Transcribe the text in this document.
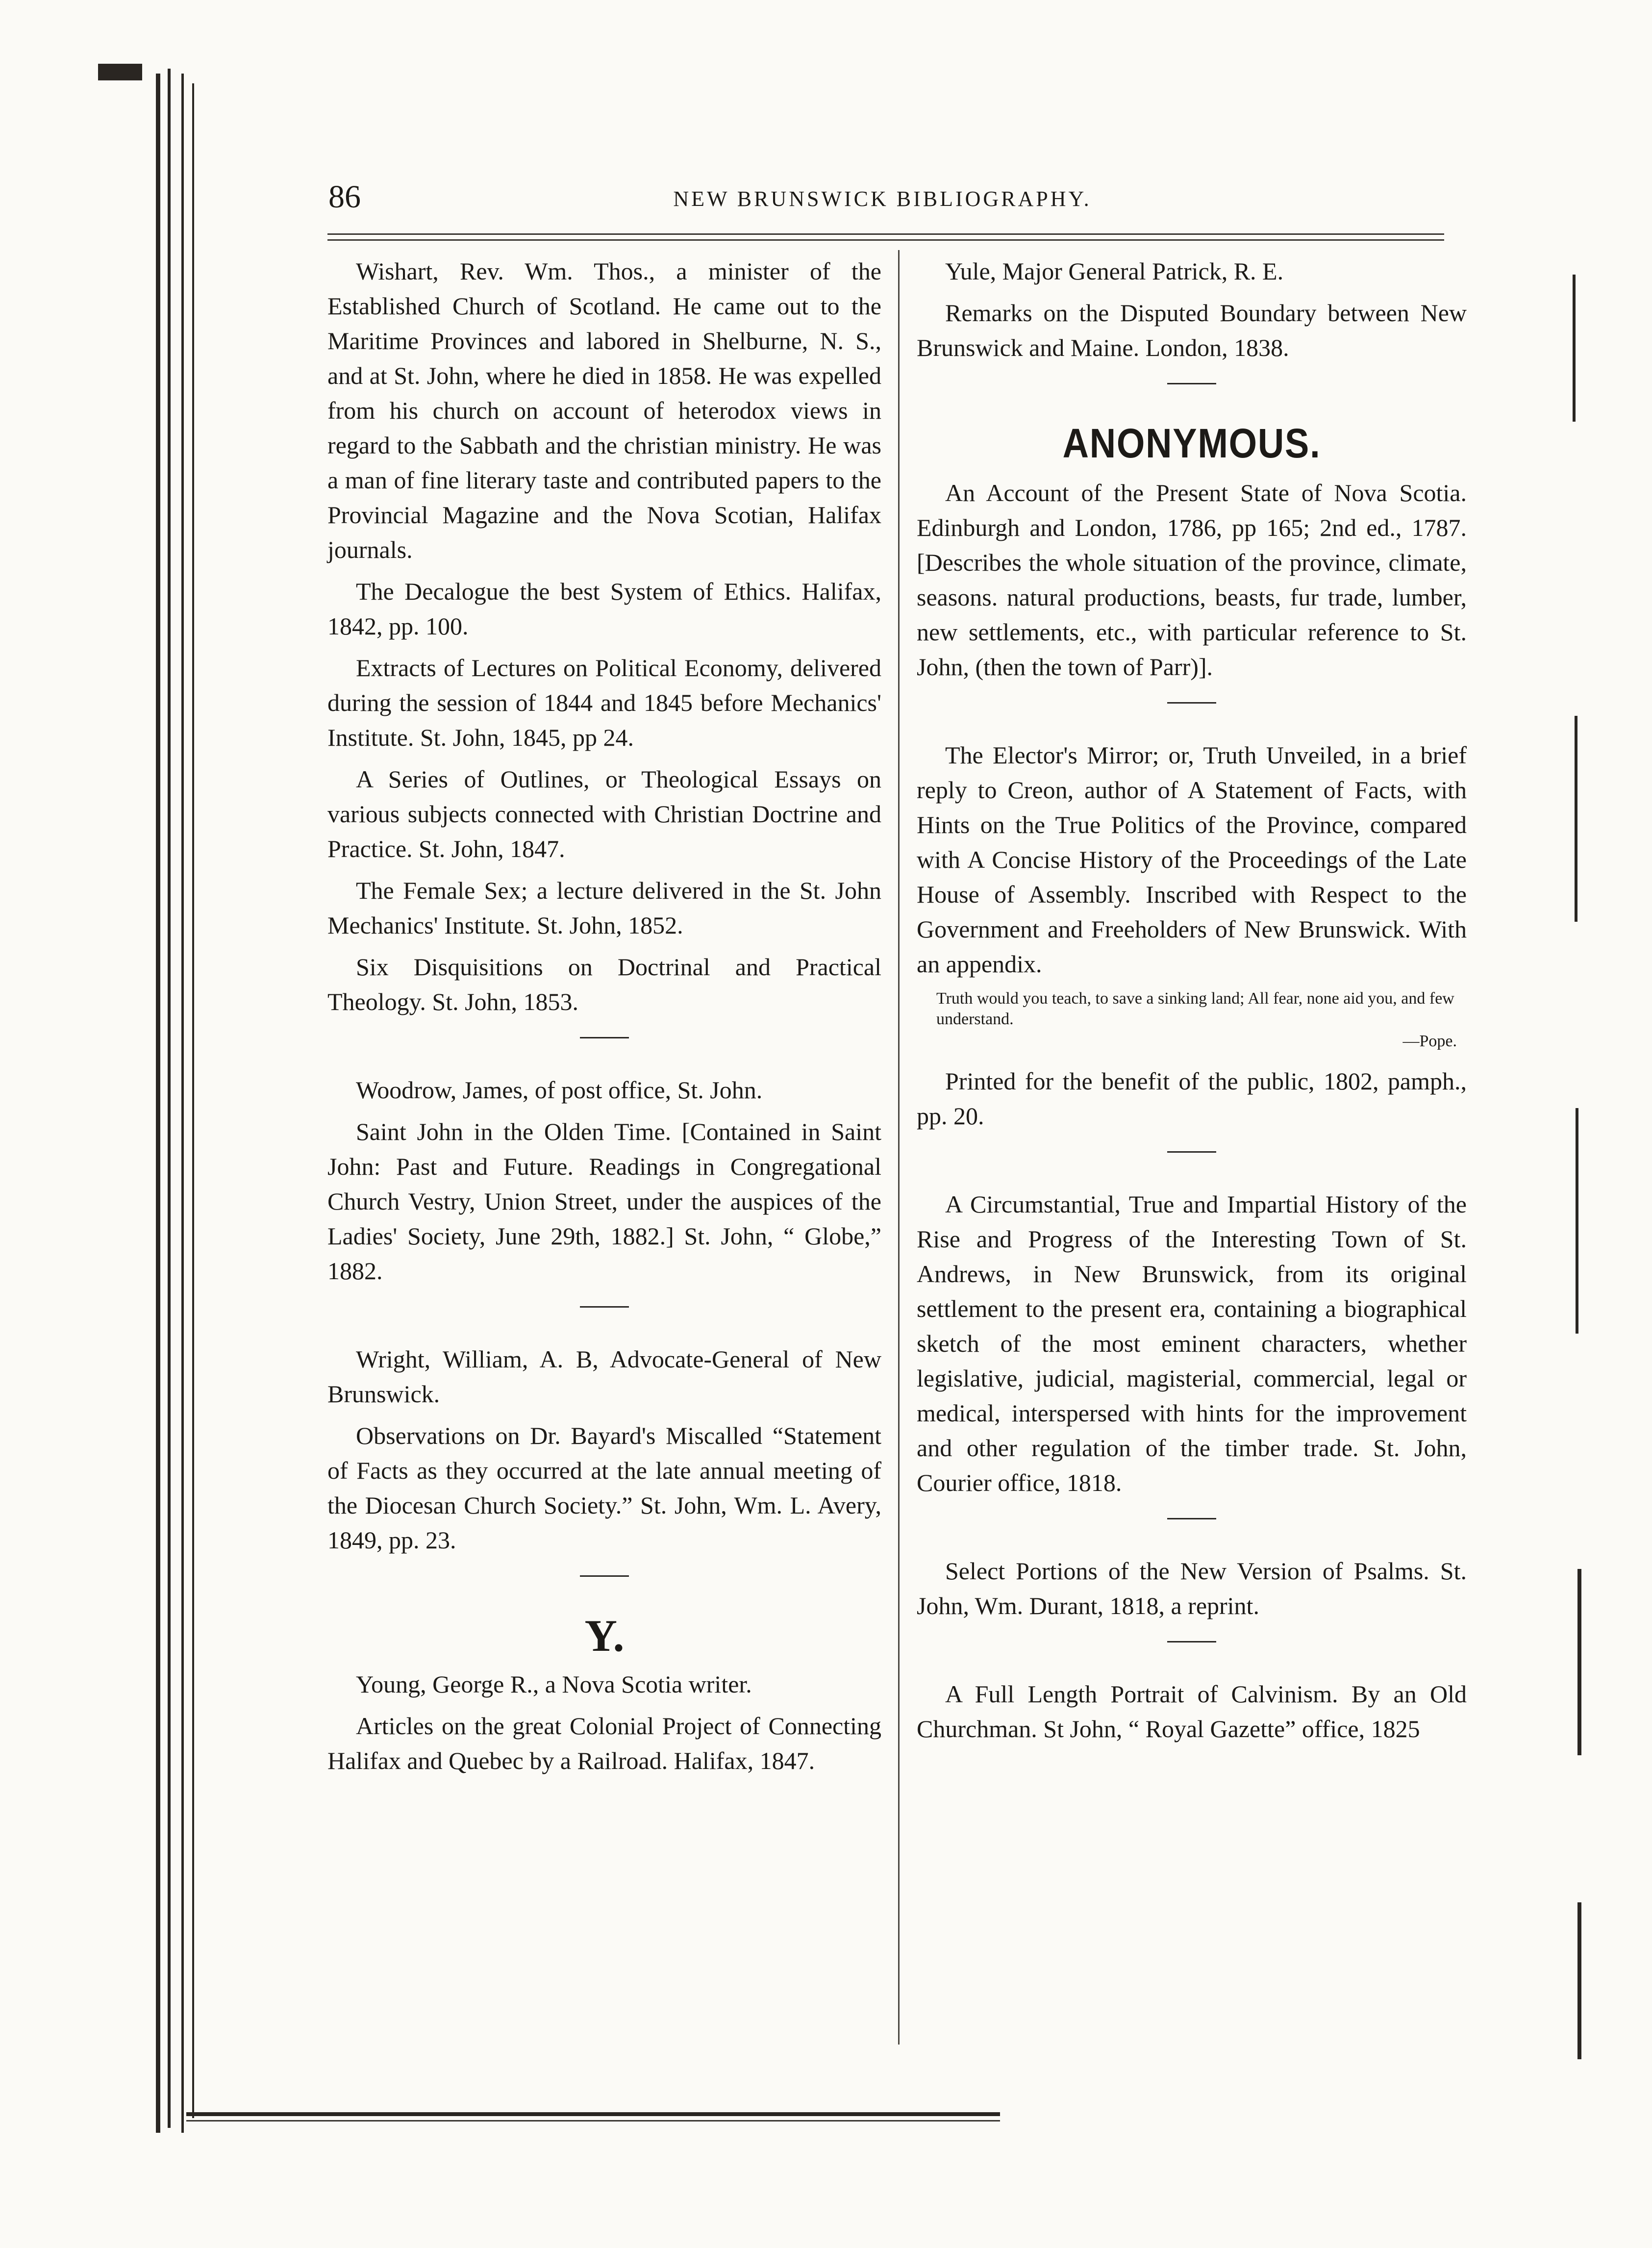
86	NEW BRUNSWICK BIBLIOGRAPHY.

Wishart, Rev. Wm. Thos., a minister of the Established Church of Scotland. He came out to the Maritime Provinces and labored in Shelburne, N. S., and at St. John, where he died in 1858. He was expelled from his church on account of heterodox views in regard to the Sabbath and the christian ministry. He was a man of fine literary taste and contributed papers to the Provincial Magazine and the Nova Scotian, Halifax journals.

The Decalogue the best System of Ethics. Halifax, 1842, pp. 100.

Extracts of Lectures on Political Economy, delivered during the session of 1844 and 1845 before Mechanics' Institute. St. John, 1845, pp 24.

A Series of Outlines, or Theological Essays on various subjects connected with Christian Doctrine and Practice. St. John, 1847.

The Female Sex; a lecture delivered in the St. John Mechanics' Institute. St. John, 1852.

Six Disquisitions on Doctrinal and Practical Theology. St. John, 1853.

Woodrow, James, of post office, St. John.

Saint John in the Olden Time. [Contained in Saint John: Past and Future. Readings in Congregational Church Vestry, Union Street, under the auspices of the Ladies' Society, June 29th, 1882.] St. John, “ Globe,” 1882.

Wright, William, A. B, Advocate-General of New Brunswick.

Observations on Dr. Bayard's Miscalled “Statement of Facts as they occurred at the late annual meeting of the Diocesan Church Society.” St. John, Wm. L. Avery, 1849, pp. 23.

Y.

Young, George R., a Nova Scotia writer.

Articles on the great Colonial Project of Connecting Halifax and Quebec by a Railroad. Halifax, 1847.

Yule, Major General Patrick, R. E.

Remarks on the Disputed Boundary between New Brunswick and Maine. London, 1838.

ANONYMOUS.

An Account of the Present State of Nova Scotia. Edinburgh and London, 1786, pp 165; 2nd ed., 1787. [Describes the whole situation of the province, climate, seasons. natural productions, beasts, fur trade, lumber, new settlements, etc., with particular reference to St. John, (then the town of Parr)].

The Elector's Mirror; or, Truth Unveiled, in a brief reply to Creon, author of A Statement of Facts, with Hints on the True Politics of the Province, compared with A Concise History of the Proceedings of the Late House of Assembly. Inscribed with Respect to the Government and Freeholders of New Brunswick. With an appendix.

Truth would you teach, to save a sinking land; All fear, none aid you, and few understand.

—Pope.

Printed for the benefit of the public, 1802, pamph., pp. 20.

A Circumstantial, True and Impartial History of the Rise and Progress of the Interesting Town of St. Andrews, in New Brunswick, from its original settlement to the present era, containing a biographical sketch of the most eminent characters, whether legislative, judicial, magisterial, commercial, legal or medical, interspersed with hints for the improvement and other regulation of the timber trade. St. John, Courier office, 1818.

Select Portions of the New Version of Psalms. St. John, Wm. Durant, 1818, a reprint.

A Full Length Portrait of Calvinism. By an Old Churchman. St John, “ Royal Gazette” office, 1825
